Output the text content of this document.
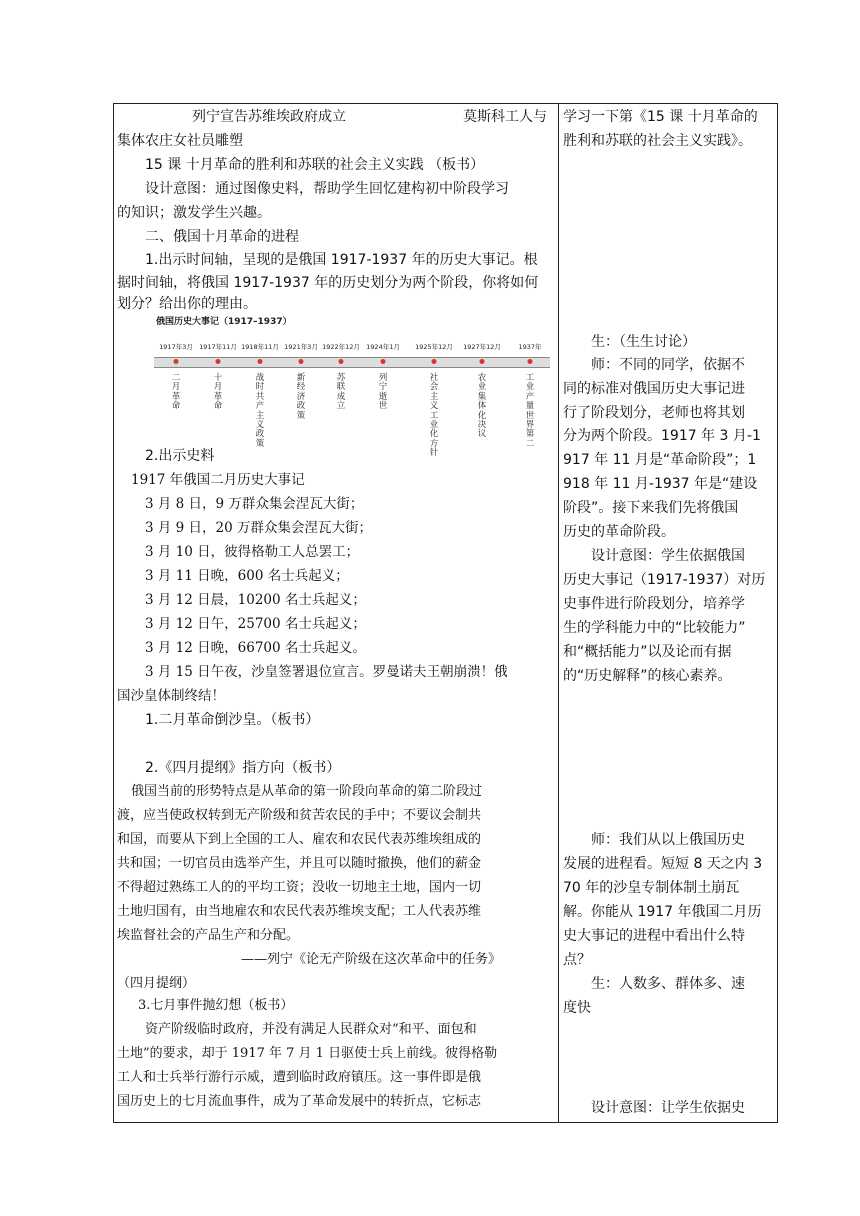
列宁宣告苏维埃政府成立	莫斯科工人与
集体农庄女社员雕塑
15 课 十月革命的胜利和苏联的社会主义实践 （板书）
设计意图：通过图像史料，帮助学生回忆建构初中阶段学习
的知识；激发学生兴趣。
二、俄国十月革命的进程
1.出示时间轴，呈现的是俄国 1917-1937 年的历史大事记。根
据时间轴，将俄国 1917-1937 年的历史划分为两个阶段，你将如何
划分？给出你的理由。
俄国历史大事记（1917–1937）
1917年3月
二月革命
1917年11月
十月革命
1918年11月
战时共产主义政策
1921年3月
新经济政策
1922年12月
苏联成立
1924年1月
列宁逝世
1925年12月
社会主义工业化方针
1927年12月
农业集体化决议
1937年
工业产量世界第二
2.出示史料
1917 年俄国二月历史大事记
3 月 8 日，9 万群众集会涅瓦大街；
3 月 9 日，20 万群众集会涅瓦大街；
3 月 10 日，彼得格勒工人总罢工；
3 月 11 日晚，600 名士兵起义；
3 月 12 日晨，10200 名士兵起义；
3 月 12 日午，25700 名士兵起义；
3 月 12 日晚，66700 名士兵起义。
3 月 15 日午夜，沙皇签署退位宣言。罗曼诺夫王朝崩溃！俄
国沙皇体制终结！
1.二月革命倒沙皇。（板书）
2.《四月提纲》指方向（板书）
俄国当前的形势特点是从革命的第一阶段向革命的第二阶段过
渡，应当使政权转到无产阶级和贫苦农民的手中；不要议会制共
和国，而要从下到上全国的工人、雇农和农民代表苏维埃组成的
共和国；一切官员由选举产生，并且可以随时撤换，他们的薪金
不得超过熟练工人的的平均工资；没收一切地主土地，国内一切
土地归国有，由当地雇农和农民代表苏维埃支配；工人代表苏维
埃监督社会的产品生产和分配。
——列宁《论无产阶级在这次革命中的任务》
（四月提纲）
3.七月事件抛幻想（板书）
资产阶级临时政府，并没有满足人民群众对“和平、面包和
土地”的要求，却于 1917 年 7 月 1 日驱使士兵上前线。彼得格勒
工人和士兵举行游行示威，遭到临时政府镇压。这一事件即是俄
国历史上的七月流血事件，成为了革命发展中的转折点，它标志
学习一下第《15 课 十月革命的
胜利和苏联的社会主义实践》。
生：（生生讨论）
师：不同的同学，依据不
同的标准对俄国历史大事记进
行了阶段划分，老师也将其划
分为两个阶段。1917 年 3 月-1
917 年 11 月是“革命阶段”；1
918 年 11 月-1937 年是“建设
阶段”。接下来我们先将俄国
历史的革命阶段。
设计意图：学生依据俄国
历史大事记（1917-1937）对历
史事件进行阶段划分，培养学
生的学科能力中的“比较能力”
和“概括能力”以及论而有据
的“历史解释”的核心素养。
师：我们从以上俄国历史
发展的进程看。短短 8 天之内 3
70 年的沙皇专制体制土崩瓦
解。你能从 1917 年俄国二月历
史大事记的进程中看出什么特
点？
生：人数多、群体多、速
度快
设计意图：让学生依据史
